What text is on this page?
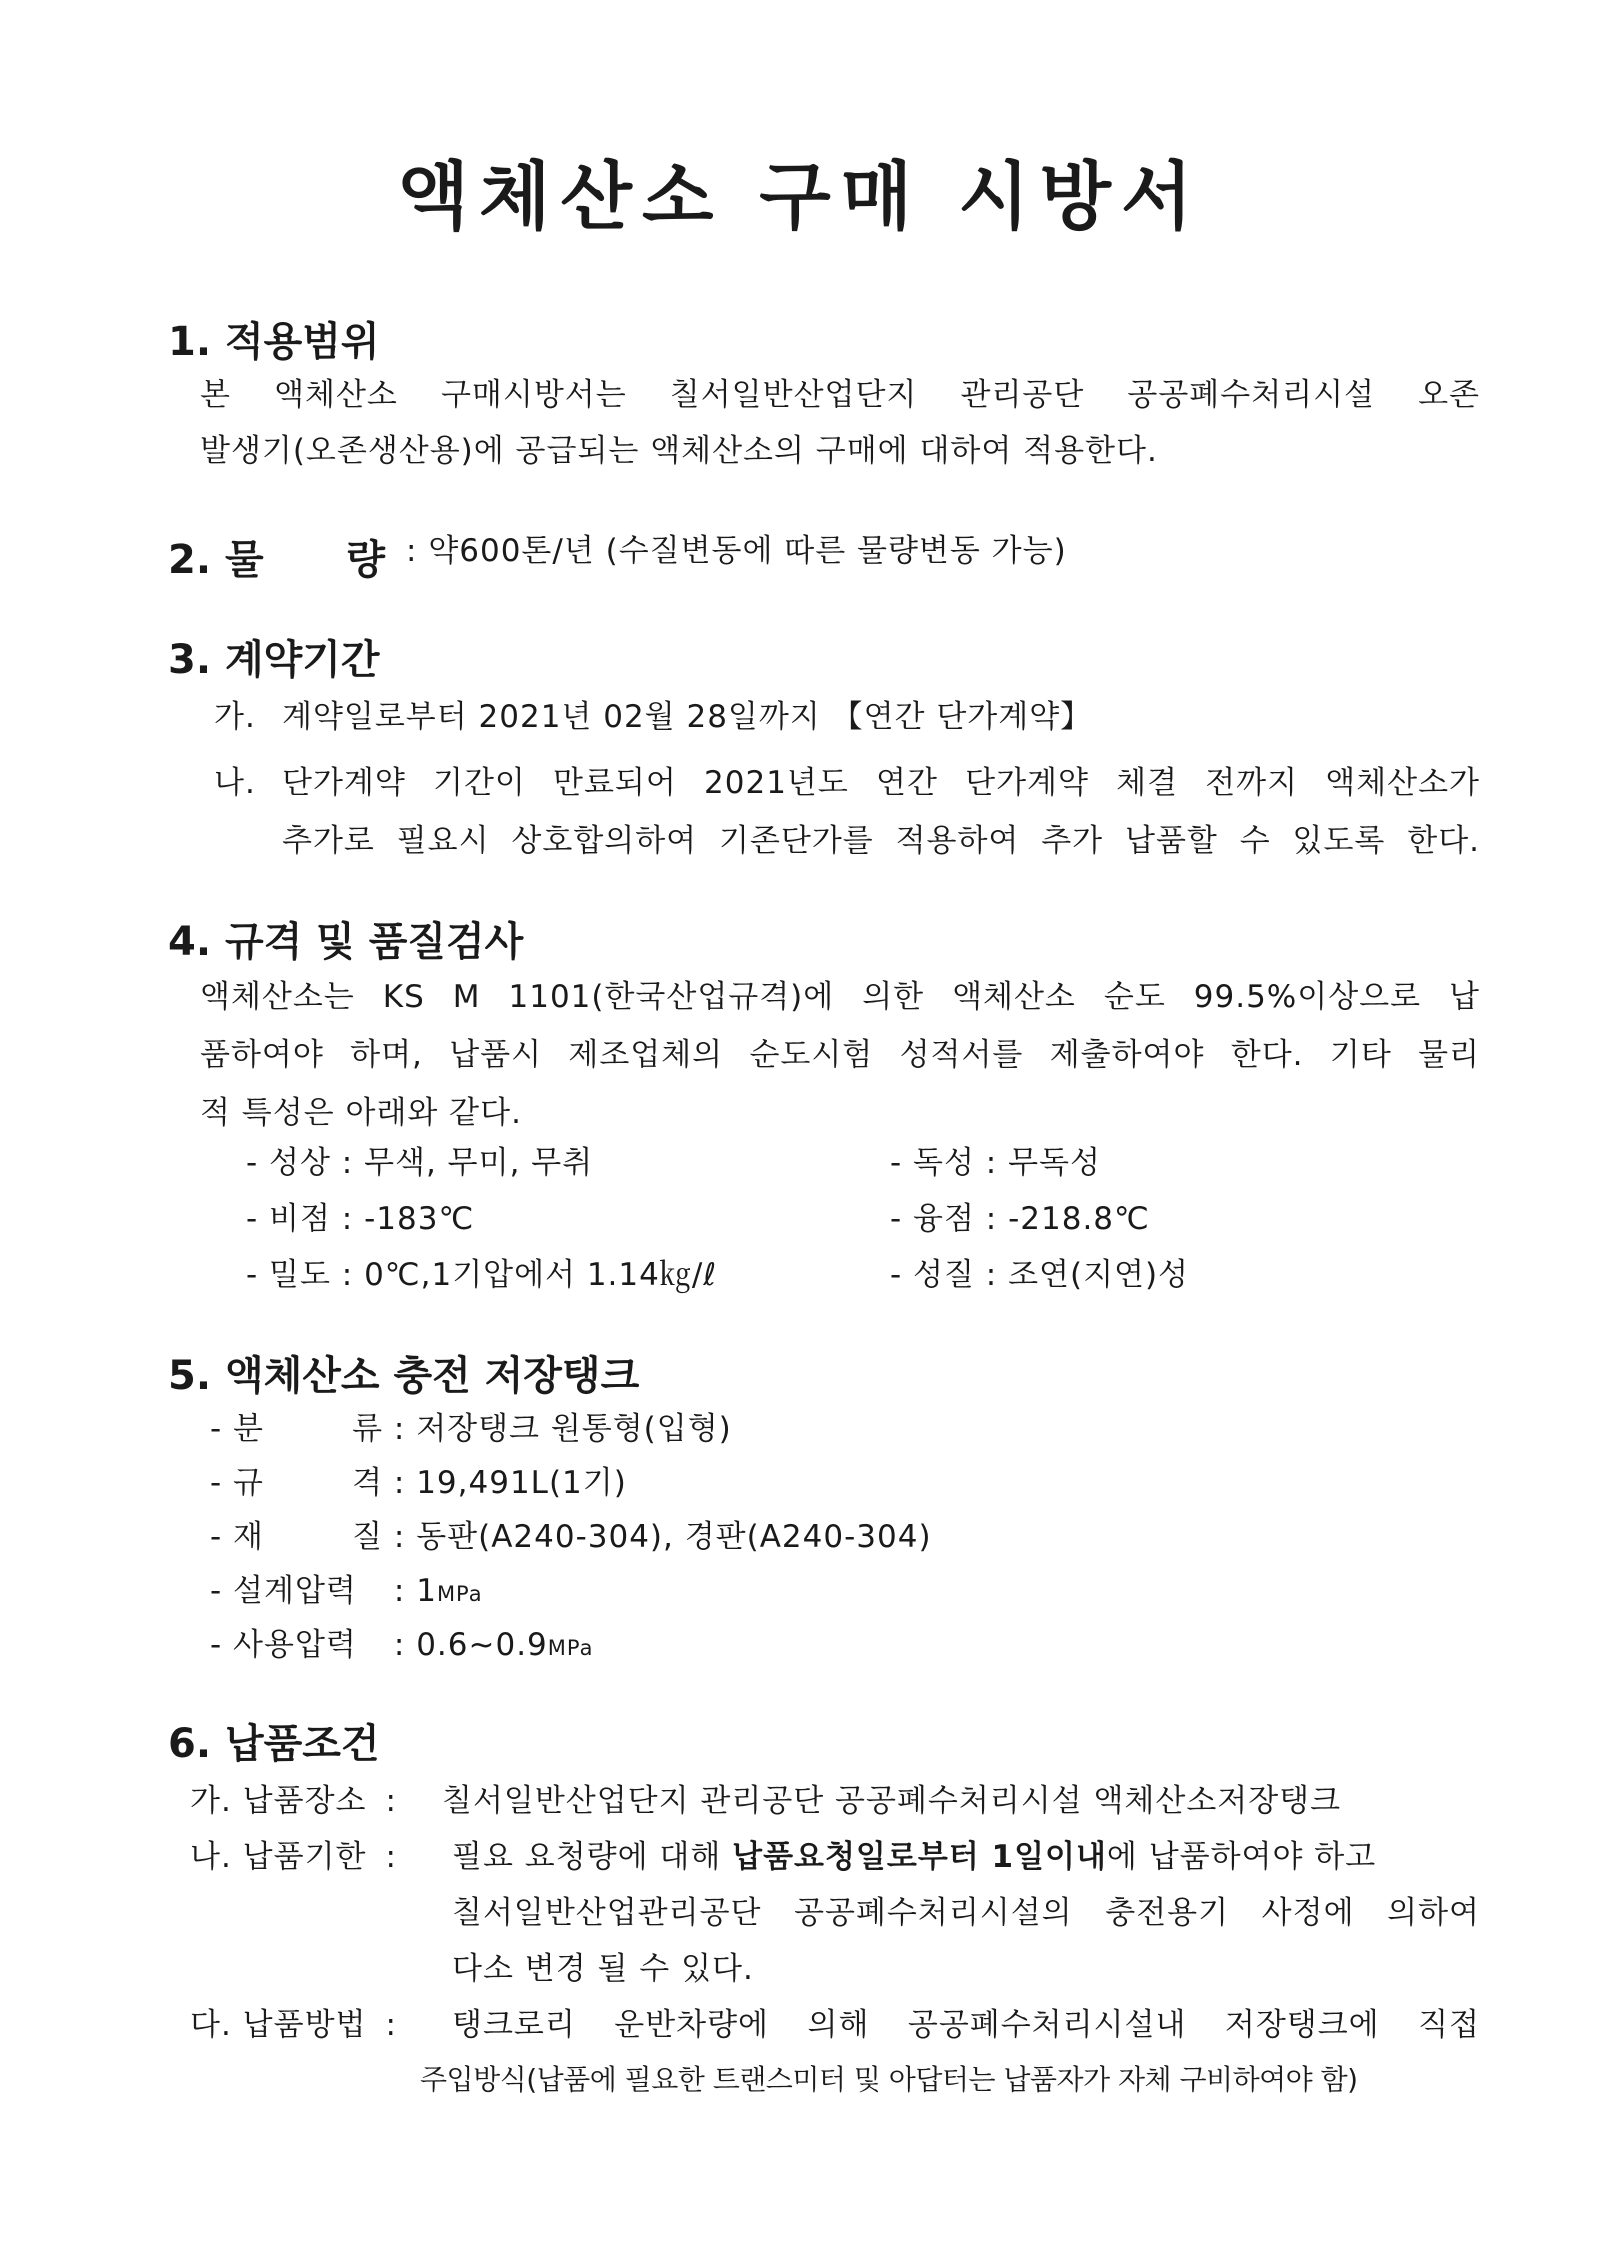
액체산소 구매 시방서
1. 적용범위
본 액체산소 구매시방서는 칠서일반산업단지 관리공단 공공폐수처리시설 오존
발생기(오존생산용)에 공급되는 액체산소의 구매에 대하여 적용한다.
2. 물 량 : 약600톤/년 (수질변동에 따른 물량변동 가능)
3. 계약기간
가. 계약일로부터 2021년 02월 28일까지 【연간 단가계약】
나. 단가계약 기간이 만료되어 2021년도 연간 단가계약 체결 전까지 액체산소가
추가로 필요시 상호합의하여 기존단가를 적용하여 추가 납품할 수 있도록 한다.
4. 규격 및 품질검사
액체산소는 KS M 1101(한국산업규격)에 의한 액체산소 순도 99.5%이상으로 납
품하여야 하며, 납품시 제조업체의 순도시험 성적서를 제출하여야 한다. 기타 물리
적 특성은 아래와 같다.
- 성상 : 무색, 무미, 무취	- 독성 : 무독성
- 비점 : -183℃	- 융점 : -218.8℃
- 밀도 : 0℃,1기압에서 1.14㎏/ℓ	- 성질 : 조연(지연)성
5. 액체산소 충전 저장탱크
- 분 류 : 저장탱크 원통형(입형)
- 규 격 : 19,491L(1기)
- 재 질 : 동판(A240-304), 경판(A240-304)
- 설계압력 : 1MPa
- 사용압력 : 0.6~0.9MPa
6. 납품조건
가. 납품장소 : 칠서일반산업단지 관리공단 공공폐수처리시설 액체산소저장탱크
나. 납품기한 : 필요 요청량에 대해 납품요청일로부터 1일이내에 납품하여야 하고
칠서일반산업관리공단 공공폐수처리시설의 충전용기 사정에 의하여
다소 변경 될 수 있다.
다. 납품방법 : 탱크로리 운반차량에 의해 공공폐수처리시설내 저장탱크에 직접
주입방식(납품에 필요한 트랜스미터 및 아답터는 납품자가 자체 구비하여야 함)
